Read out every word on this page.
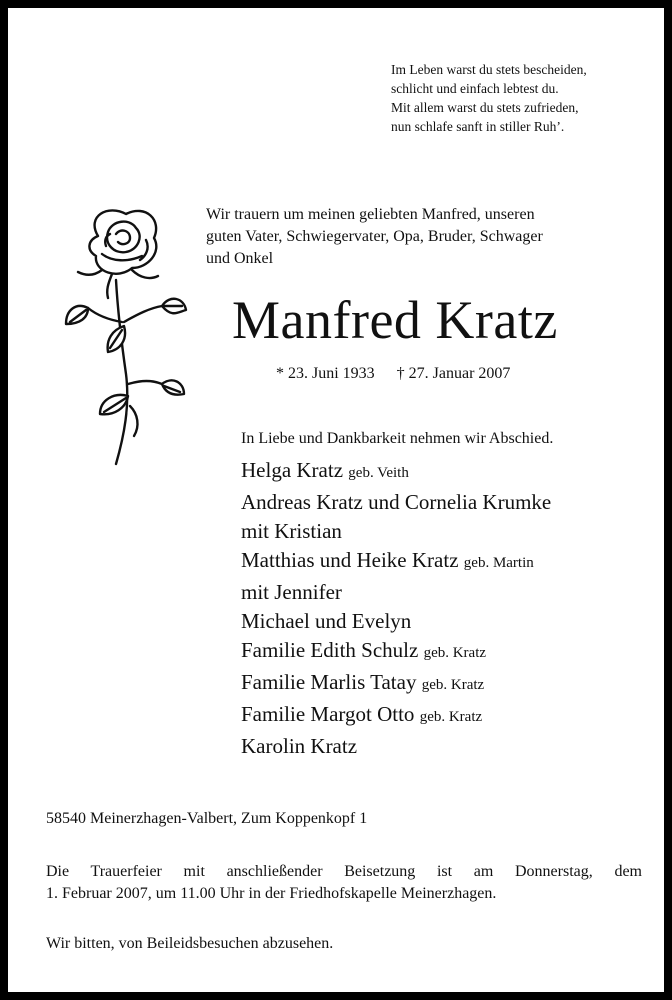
Im Leben warst du stets bescheiden,
schlicht und einfach lebtest du.
Mit allem warst du stets zufrieden,
nun schlafe sanft in stiller Ruh’.
Wir trauern um meinen geliebten Manfred, unseren
guten Vater, Schwiegervater, Opa, Bruder, Schwager
und Onkel
Manfred Kratz
* 23. Juni 1933 † 27. Januar 2007
In Liebe und Dankbarkeit nehmen wir Abschied.
Helga Kratz geb. Veith
Andreas Kratz und Cornelia Krumke
mit Kristian
Matthias und Heike Kratz geb. Martin
mit Jennifer
Michael und Evelyn
Familie Edith Schulz geb. Kratz
Familie Marlis Tatay geb. Kratz
Familie Margot Otto geb. Kratz
Karolin Kratz
58540 Meinerzhagen-Valbert, Zum Koppenkopf 1
Die Trauerfeier mit anschließender Beisetzung ist am Donnerstag, dem
1. Februar 2007, um 11.00 Uhr in der Friedhofskapelle Meinerzhagen.
Wir bitten, von Beileidsbesuchen abzusehen.
